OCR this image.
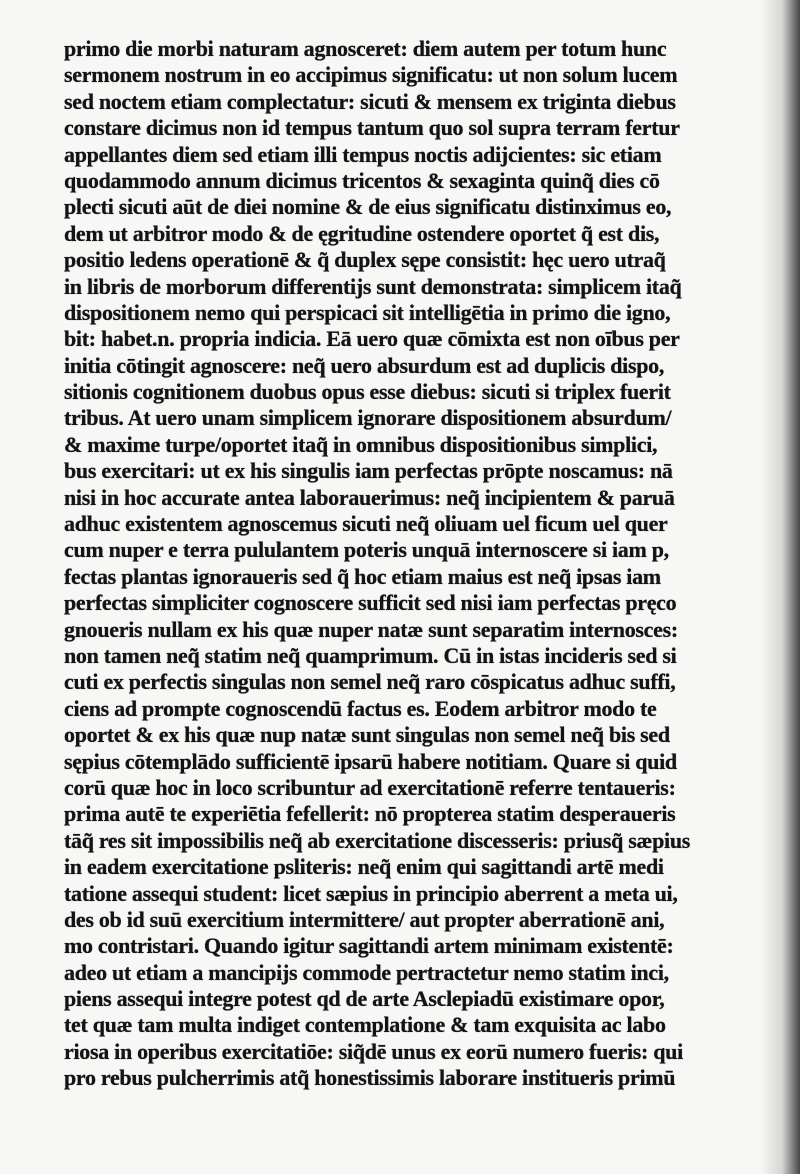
primo die morbi naturam agnosceret: diem autem per totum hunc
sermonem nostrum in eo accipimus significatu: ut non solum lucem
sed noctem etiam complectatur: sicuti & mensem ex triginta diebus
constare dicimus non id tempus tantum quo sol supra terram fertur
appellantes diem sed etiam illi tempus noctis adijcientes: sic etiam
quodammodo annum dicimus tricentos & sexaginta quinq̃ dies cō
plecti sicuti aūt de diei nomine & de eius significatu distinximus eo,
dem ut arbitror modo & de ęgritudine ostendere oportet q̃ est dis,
positio ledens operationē & q̃ duplex sępe consistit: hęc uero utraq̃
in libris de morborum differentijs sunt demonstrata: simplicem itaq̃
dispositionem nemo qui perspicaci sit intelligētia in primo die igno,
bit: habet.n. propria indicia. Eā uero quæ cōmixta est non oībus per
initia cōtingit agnoscere: neq̃ uero absurdum est ad duplicis dispo,
sitionis cognitionem duobus opus esse diebus: sicuti si triplex fuerit
tribus. At uero unam simplicem ignorare dispositionem absurdum/
& maxime turpe/oportet itaq̃ in omnibus dispositionibus simplici,
bus exercitari: ut ex his singulis iam perfectas prōpte noscamus: nā
nisi in hoc accurate antea laborauerimus: neq̃ incipientem & paruā
adhuc existentem agnoscemus sicuti neq̃ oliuam uel ficum uel quer
cum nuper e terra pululantem poteris unquā internoscere si iam p,
fectas plantas ignoraueris sed q̃ hoc etiam maius est neq̃ ipsas iam
perfectas simpliciter cognoscere sufficit sed nisi iam perfectas pręco
gnoueris nullam ex his quæ nuper natæ sunt separatim internosces:
non tamen neq̃ statim neq̃ quamprimum. Cū in istas incideris sed si
cuti ex perfectis singulas non semel neq̃ raro cōspicatus adhuc suffi,
ciens ad prompte cognoscendū factus es. Eodem arbitror modo te
oportet & ex his quæ nup natæ sunt singulas non semel neq̃ bis sed
sępius cōtemplādo sufficientē ipsarū habere notitiam. Quare si quid
corū quæ hoc in loco scribuntur ad exercitationē referre tentaueris:
prima autē te experiētia fefellerit: nō propterea statim desperaueris
tāq̃ res sit impossibilis neq̃ ab exercitatione discesseris: priusq̃ sæpius
in eadem exercitatione psliteris: neq̃ enim qui sagittandi artē medi
tatione assequi student: licet sæpius in principio aberrent a meta ui,
des ob id suū exercitium intermittere/ aut propter aberrationē ani,
mo contristari. Quando igitur sagittandi artem minimam existentē:
adeo ut etiam a mancipijs commode pertractetur nemo statim inci,
piens assequi integre potest qd de arte Asclepiadū existimare opor,
tet quæ tam multa indiget contemplatione & tam exquisita ac labo
riosa in operibus exercitatiōe: siq̃dē unus ex eorū numero fueris: qui
pro rebus pulcherrimis atq̃ honestissimis laborare institueris primū
